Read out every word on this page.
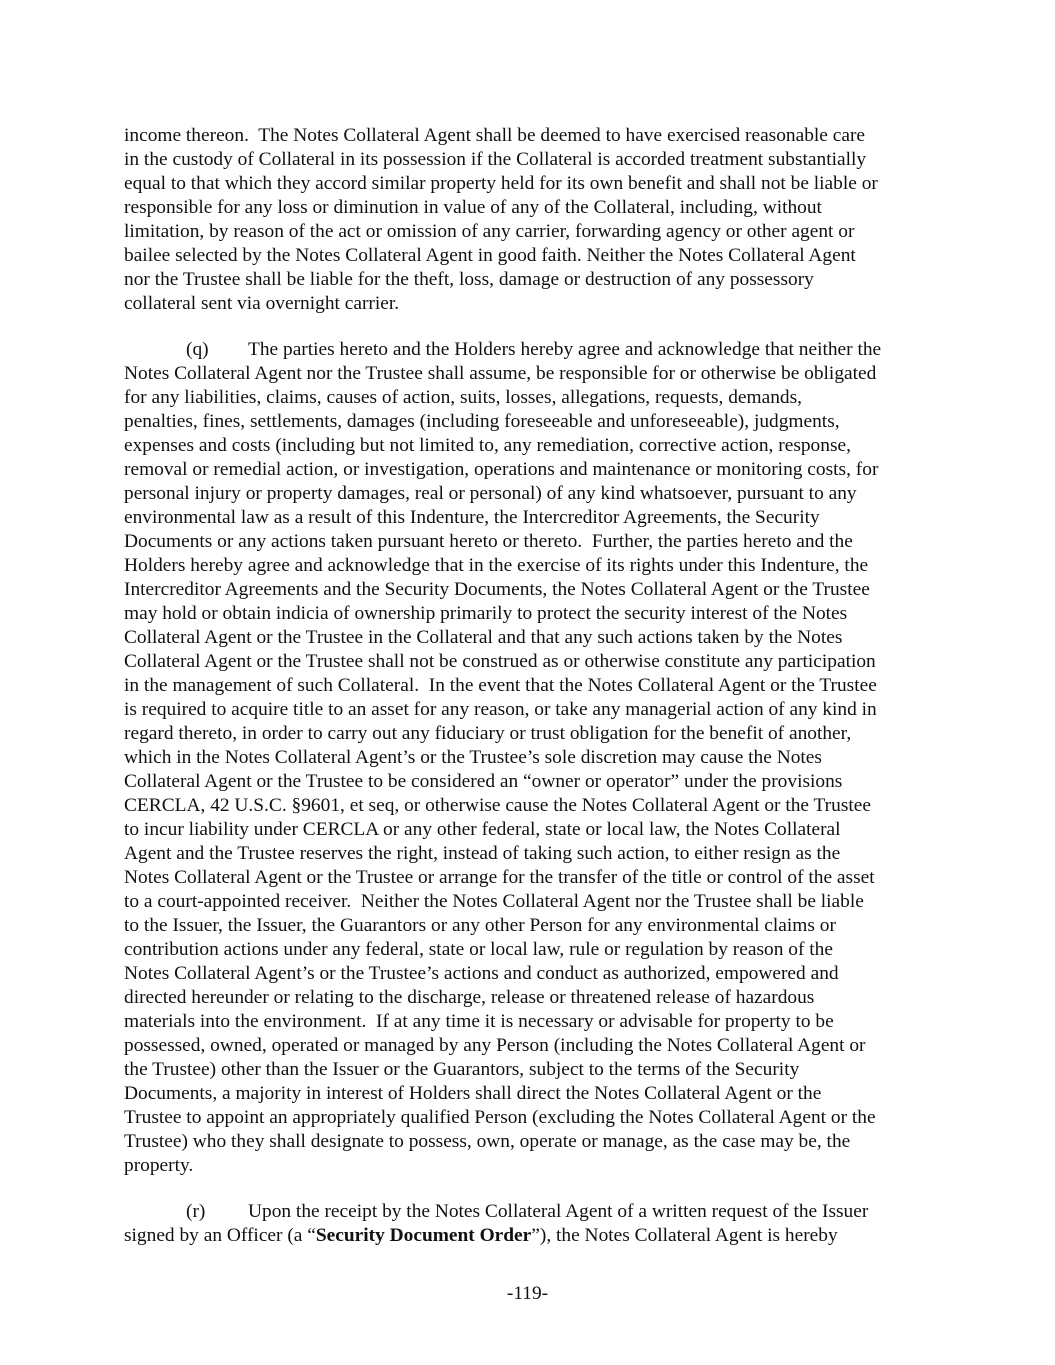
income thereon.  The Notes Collateral Agent shall be deemed to have exercised reasonable care
in the custody of Collateral in its possession if the Collateral is accorded treatment substantially
equal to that which they accord similar property held for its own benefit and shall not be liable or
responsible for any loss or diminution in value of any of the Collateral, including, without
limitation, by reason of the act or omission of any carrier, forwarding agency or other agent or
bailee selected by the Notes Collateral Agent in good faith. Neither the Notes Collateral Agent
nor the Trustee shall be liable for the theft, loss, damage or destruction of any possessory
collateral sent via overnight carrier.
(q) The parties hereto and the Holders hereby agree and acknowledge that neither the
Notes Collateral Agent nor the Trustee shall assume, be responsible for or otherwise be obligated
for any liabilities, claims, causes of action, suits, losses, allegations, requests, demands,
penalties, fines, settlements, damages (including foreseeable and unforeseeable), judgments,
expenses and costs (including but not limited to, any remediation, corrective action, response,
removal or remedial action, or investigation, operations and maintenance or monitoring costs, for
personal injury or property damages, real or personal) of any kind whatsoever, pursuant to any
environmental law as a result of this Indenture, the Intercreditor Agreements, the Security
Documents or any actions taken pursuant hereto or thereto.  Further, the parties hereto and the
Holders hereby agree and acknowledge that in the exercise of its rights under this Indenture, the
Intercreditor Agreements and the Security Documents, the Notes Collateral Agent or the Trustee
may hold or obtain indicia of ownership primarily to protect the security interest of the Notes
Collateral Agent or the Trustee in the Collateral and that any such actions taken by the Notes
Collateral Agent or the Trustee shall not be construed as or otherwise constitute any participation
in the management of such Collateral.  In the event that the Notes Collateral Agent or the Trustee
is required to acquire title to an asset for any reason, or take any managerial action of any kind in
regard thereto, in order to carry out any fiduciary or trust obligation for the benefit of another,
which in the Notes Collateral Agent’s or the Trustee’s sole discretion may cause the Notes
Collateral Agent or the Trustee to be considered an “owner or operator” under the provisions
CERCLA, 42 U.S.C. §9601, et seq, or otherwise cause the Notes Collateral Agent or the Trustee
to incur liability under CERCLA or any other federal, state or local law, the Notes Collateral
Agent and the Trustee reserves the right, instead of taking such action, to either resign as the
Notes Collateral Agent or the Trustee or arrange for the transfer of the title or control of the asset
to a court-appointed receiver.  Neither the Notes Collateral Agent nor the Trustee shall be liable
to the Issuer, the Issuer, the Guarantors or any other Person for any environmental claims or
contribution actions under any federal, state or local law, rule or regulation by reason of the
Notes Collateral Agent’s or the Trustee’s actions and conduct as authorized, empowered and
directed hereunder or relating to the discharge, release or threatened release of hazardous
materials into the environment.  If at any time it is necessary or advisable for property to be
possessed, owned, operated or managed by any Person (including the Notes Collateral Agent or
the Trustee) other than the Issuer or the Guarantors, subject to the terms of the Security
Documents, a majority in interest of Holders shall direct the Notes Collateral Agent or the
Trustee to appoint an appropriately qualified Person (excluding the Notes Collateral Agent or the
Trustee) who they shall designate to possess, own, operate or manage, as the case may be, the
property.
(r) Upon the receipt by the Notes Collateral Agent of a written request of the Issuer
signed by an Officer (a “Security Document Order”), the Notes Collateral Agent is hereby
-119-
